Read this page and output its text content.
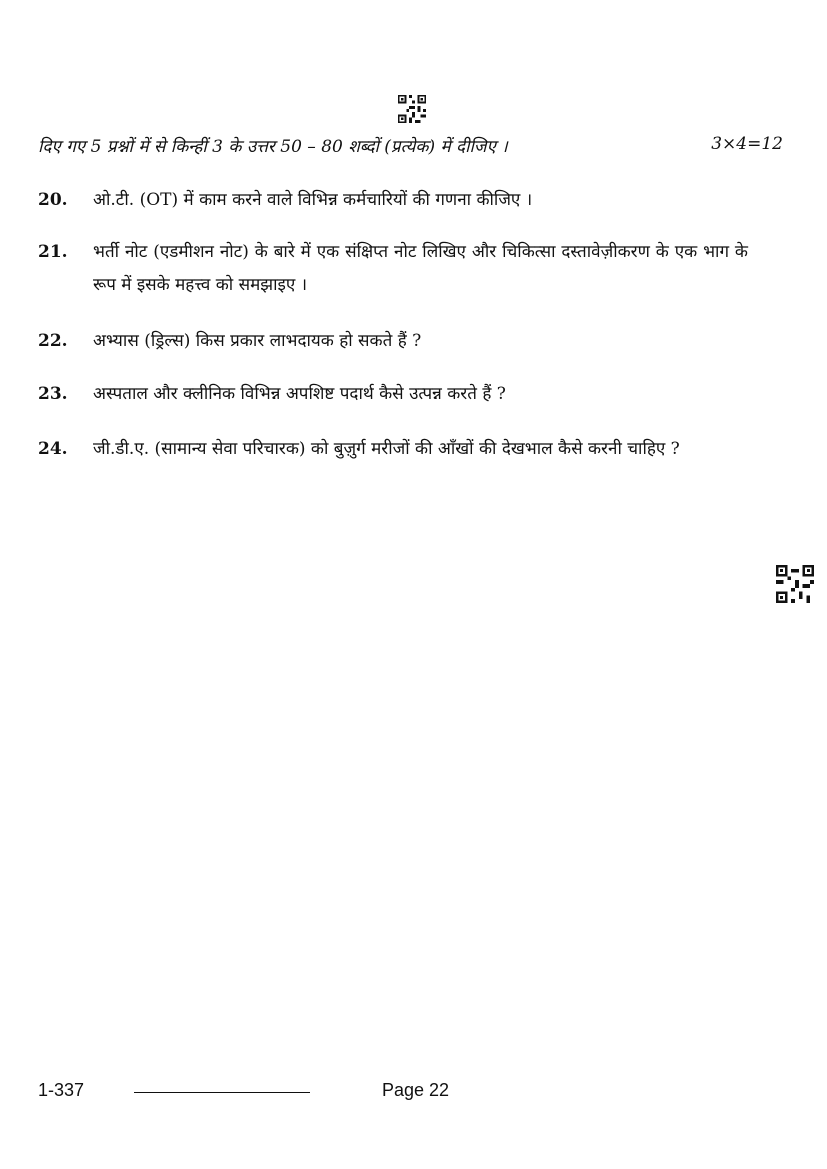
दिए गए 5 प्रश्नों में से किन्हीं 3 के उत्तर 50 – 80 शब्दों (प्रत्येक) में दीजिए ।	3×4=12
20.	ओ.टी. (OT) में काम करने वाले विभिन्न कर्मचारियों की गणना कीजिए ।
21.	भर्ती नोट (एडमीशन नोट) के बारे में एक संक्षिप्त नोट लिखिए और चिकित्सा दस्तावेज़ीकरण के एक भाग के रूप में इसके महत्त्व को समझाइए ।
22.	अभ्यास (ड्रिल्स) किस प्रकार लाभदायक हो सकते हैं ?
23.	अस्पताल और क्लीनिक विभिन्न अपशिष्ट पदार्थ कैसे उत्पन्न करते हैं ?
24.	जी.डी.ए. (सामान्य सेवा परिचारक) को बुज़ुर्ग मरीजों की आँखों की देखभाल कैसे करनी चाहिए ?
1-337	Page 22
